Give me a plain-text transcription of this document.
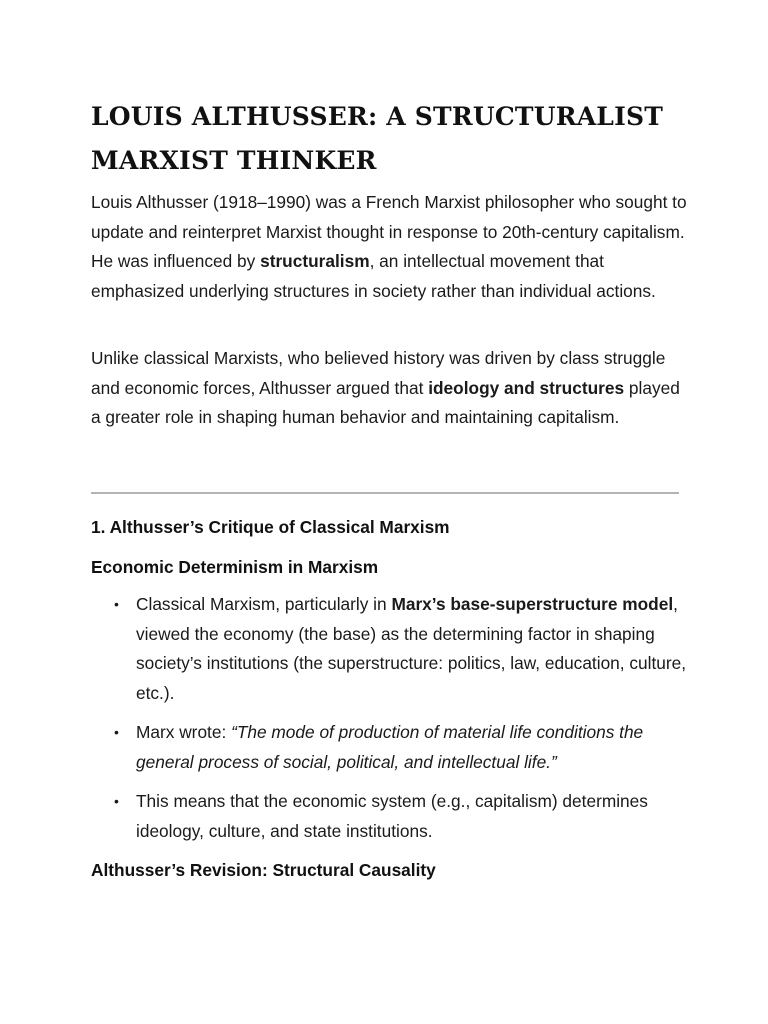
LOUIS ALTHUSSER: A STRUCTURALIST MARXIST THINKER

Louis Althusser (1918–1990) was a French Marxist philosopher who sought to update and reinterpret Marxist thought in response to 20th-century capitalism. He was influenced by structuralism, an intellectual movement that emphasized underlying structures in society rather than individual actions.

Unlike classical Marxists, who believed history was driven by class struggle and economic forces, Althusser argued that ideology and structures played a greater role in shaping human behavior and maintaining capitalism.

1. Althusser’s Critique of Classical Marxism
Economic Determinism in Marxism
• Classical Marxism, particularly in Marx’s base-superstructure model, viewed the economy (the base) as the determining factor in shaping society’s institutions (the superstructure: politics, law, education, culture, etc.).
• Marx wrote: “The mode of production of material life conditions the general process of social, political, and intellectual life.”
• This means that the economic system (e.g., capitalism) determines ideology, culture, and state institutions.
Althusser’s Revision: Structural Causality
